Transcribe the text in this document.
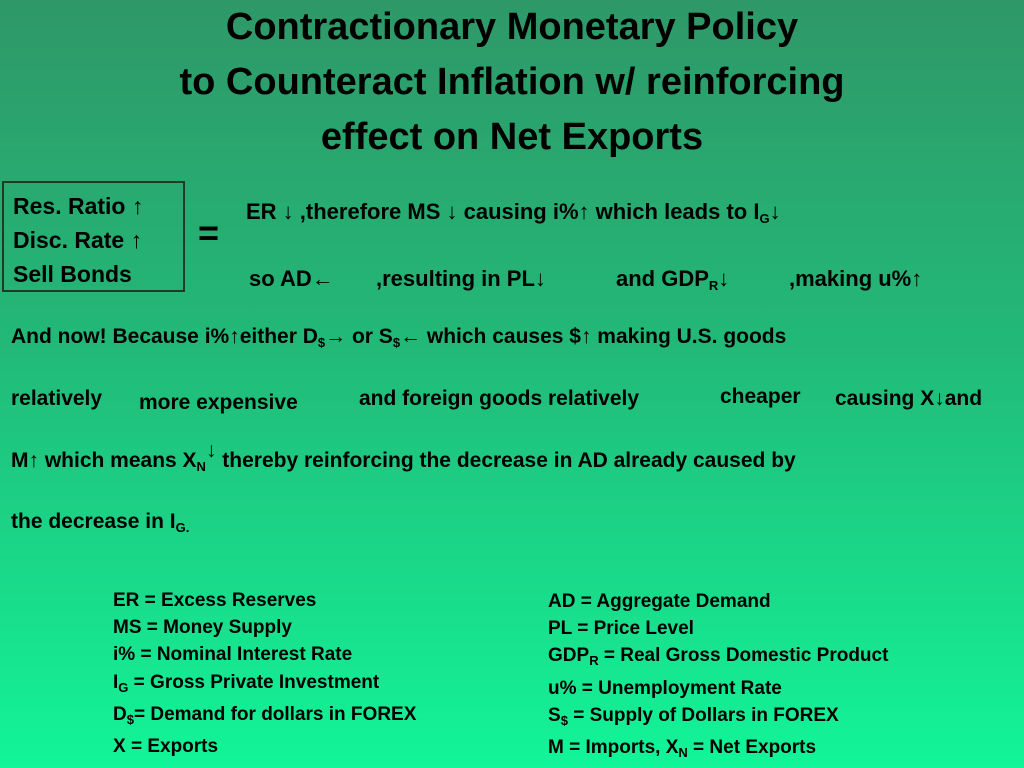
Contractionary Monetary Policy
to Counteract Inflation w/ reinforcing
effect on Net Exports
Res. Ratio ↑
Disc. Rate ↑
Sell Bonds
=
ER ↓ ,therefore MS ↓ causing i%↑ which leads to $I_G↓$
so AD← ,resulting in PL↓	and $GDP_R↓$	,making u%↑
And now! Because i%↑either $D_{\$}\to$ or $S_{\$}\leftarrow$ which causes $↑ making U.S. goods
relatively more expensive	and foreign goods relatively	cheaper causing X↓and
M↑ which means $X_N↓$ thereby reinforcing the decrease in AD already caused by
the decrease in $I_{G.}$
ER = Excess Reserves
MS = Money Supply
i% = Nominal Interest Rate
$I_G$ = Gross Private Investment
$D_{\$}=$ Demand for dollars in FOREX
X = Exports
AD = Aggregate Demand
PL = Price Level
$GDP_R$ = Real Gross Domestic Product
u% = Unemployment Rate
$S_{\$}$ = Supply of Dollars in FOREX
M = Imports, $X_N$ = Net Exports
